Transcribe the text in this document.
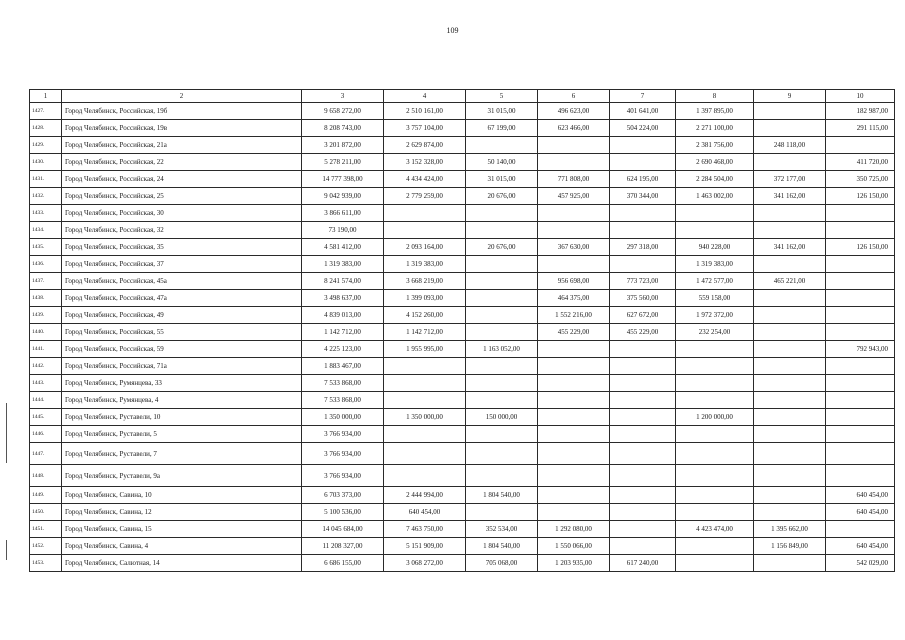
109
1	2	3	4	5	6	7	8	9	10
1427.	Город Челябинск, Российская, 19б	9 658 272,00	2 510 161,00	31 015,00	496 623,00	401 641,00	1 397 895,00		182 987,00
1428.	Город Челябинск, Российская, 19в	8 208 743,00	3 757 104,00	67 199,00	623 466,00	504 224,00	2 271 100,00		291 115,00
1429.	Город Челябинск, Российская, 21а	3 201 872,00	2 629 874,00				2 381 756,00	248 118,00	
1430.	Город Челябинск, Российская, 22	5 278 211,00	3 152 328,00	50 140,00			2 690 468,00		411 720,00
1431.	Город Челябинск, Российская, 24	14 777 398,00	4 434 424,00	31 015,00	771 808,00	624 195,00	2 284 504,00	372 177,00	350 725,00
1432.	Город Челябинск, Российская, 25	9 042 939,00	2 779 259,00	20 676,00	457 925,00	370 344,00	1 463 002,00	341 162,00	126 150,00
1433.	Город Челябинск, Российская, 30	3 866 611,00							
1434.	Город Челябинск, Российская, 32	73 190,00							
1435.	Город Челябинск, Российская, 35	4 581 412,00	2 093 164,00	20 676,00	367 630,00	297 318,00	940 228,00	341 162,00	126 150,00
1436.	Город Челябинск, Российская, 37	1 319 383,00	1 319 383,00				1 319 383,00		
1437.	Город Челябинск, Российская, 45а	8 241 574,00	3 668 219,00		956 698,00	773 723,00	1 472 577,00	465 221,00	
1438.	Город Челябинск, Российская, 47а	3 498 637,00	1 399 093,00		464 375,00	375 560,00	559 158,00		
1439.	Город Челябинск, Российская, 49	4 839 013,00	4 152 260,00		1 552 216,00	627 672,00	1 972 372,00		
1440.	Город Челябинск, Российская, 55	1 142 712,00	1 142 712,00		455 229,00	455 229,00	232 254,00		
1441.	Город Челябинск, Российская, 59	4 225 123,00	1 955 995,00	1 163 052,00					792 943,00
1442.	Город Челябинск, Российская, 71а	1 883 467,00							
1443.	Город Челябинск, Румянцева, 33	7 533 868,00							
1444.	Город Челябинск, Румянцева, 4	7 533 868,00							
1445.	Город Челябинск, Руставели, 10	1 350 000,00	1 350 000,00	150 000,00			1 200 000,00		
1446.	Город Челябинск, Руставели, 5	3 766 934,00							
1447.	Город Челябинск, Руставели, 7	3 766 934,00							
1448.	Город Челябинск, Руставели, 9а	3 766 934,00							
1449.	Город Челябинск, Савина, 10	6 703 373,00	2 444 994,00	1 804 540,00					640 454,00
1450.	Город Челябинск, Савина, 12	5 100 536,00	640 454,00						640 454,00
1451.	Город Челябинск, Савина, 15	14 045 684,00	7 463 750,00	352 534,00	1 292 080,00		4 423 474,00	1 395 662,00	
1452.	Город Челябинск, Савина, 4	11 208 327,00	5 151 909,00	1 804 540,00	1 550 066,00			1 156 849,00	640 454,00
1453.	Город Челябинск, Салютная, 14	6 686 155,00	3 068 272,00	705 068,00	1 203 935,00	617 240,00			542 029,00
